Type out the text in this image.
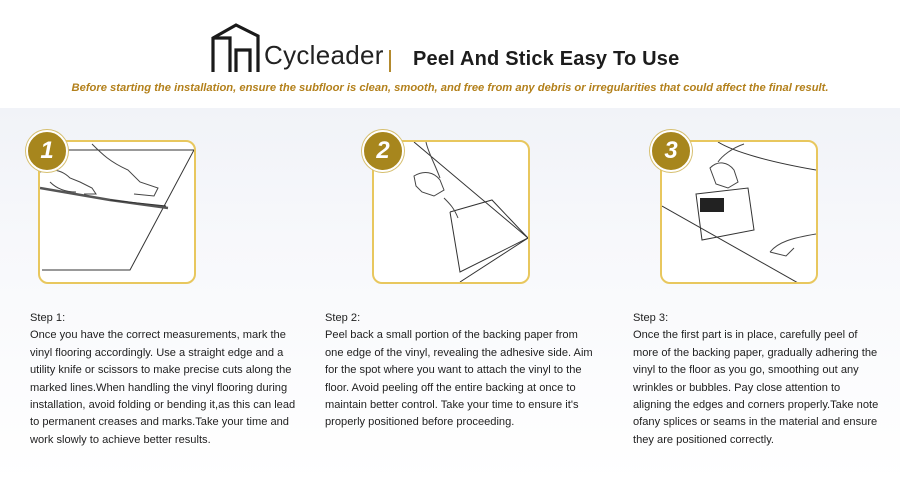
Cycleader Peel And Stick Easy To Use
Before starting the installation, ensure the subfloor is clean, smooth, and free from any debris or irregularities that could affect the final result.
1	2	3
Step 1:
Once you have the correct measurements, mark the vinyl flooring accordingly. Use a straight edge and a utility knife or scissors to make precise cuts along the marked lines.When handling the vinyl flooring during installation, avoid folding or bending it,as this can lead to permanent creases and marks.Take your time and work slowly to achieve better results.
Step 2:
Peel back a small portion of the backing paper from one edge of the vinyl, revealing the adhesive side. Aim for the spot where you want to attach the vinyl to the floor. Avoid peeling off the entire backing at once to maintain better control. Take your time to ensure it's properly positioned before proceeding.
Step 3:
Once the first part is in place, carefully peel of more of the backing paper, gradually adhering the vinyl to the floor as you go, smoothing out any wrinkles or bubbles. Pay close attention to aligning the edges and corners properly.Take note ofany splices or seams in the material and ensure they are positioned correctly.
